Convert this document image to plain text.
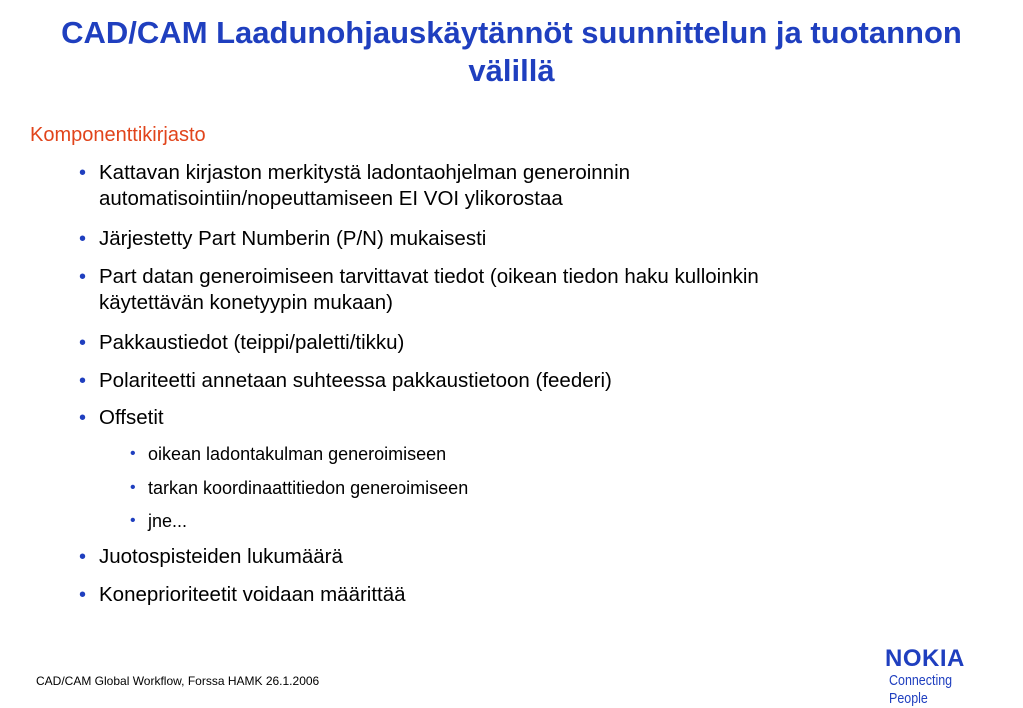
CAD/CAM Laadunohjauskäytännöt suunnittelun ja tuotannon välillä
Komponenttikirjasto
• Kattavan kirjaston merkitystä ladontaohjelman generoinnin
automatisointiin/nopeuttamiseen EI VOI ylikorostaa
• Järjestetty Part Numberin (P/N) mukaisesti
• Part datan generoimiseen tarvittavat tiedot (oikean tiedon haku kulloinkin
käytettävän konetyypin mukaan)
• Pakkaustiedot (teippi/paletti/tikku)
• Polariteetti annetaan suhteessa pakkaustietoon (feederi)
• Offsetit
• oikean ladontakulman generoimiseen
• tarkan koordinaattitiedon generoimiseen
• jne...
• Juotospisteiden lukumäärä
• Koneprioriteetit voidaan määrittää
CAD/CAM Global Workflow, Forssa HAMK 26.1.2006
NOKIA
Connecting People
